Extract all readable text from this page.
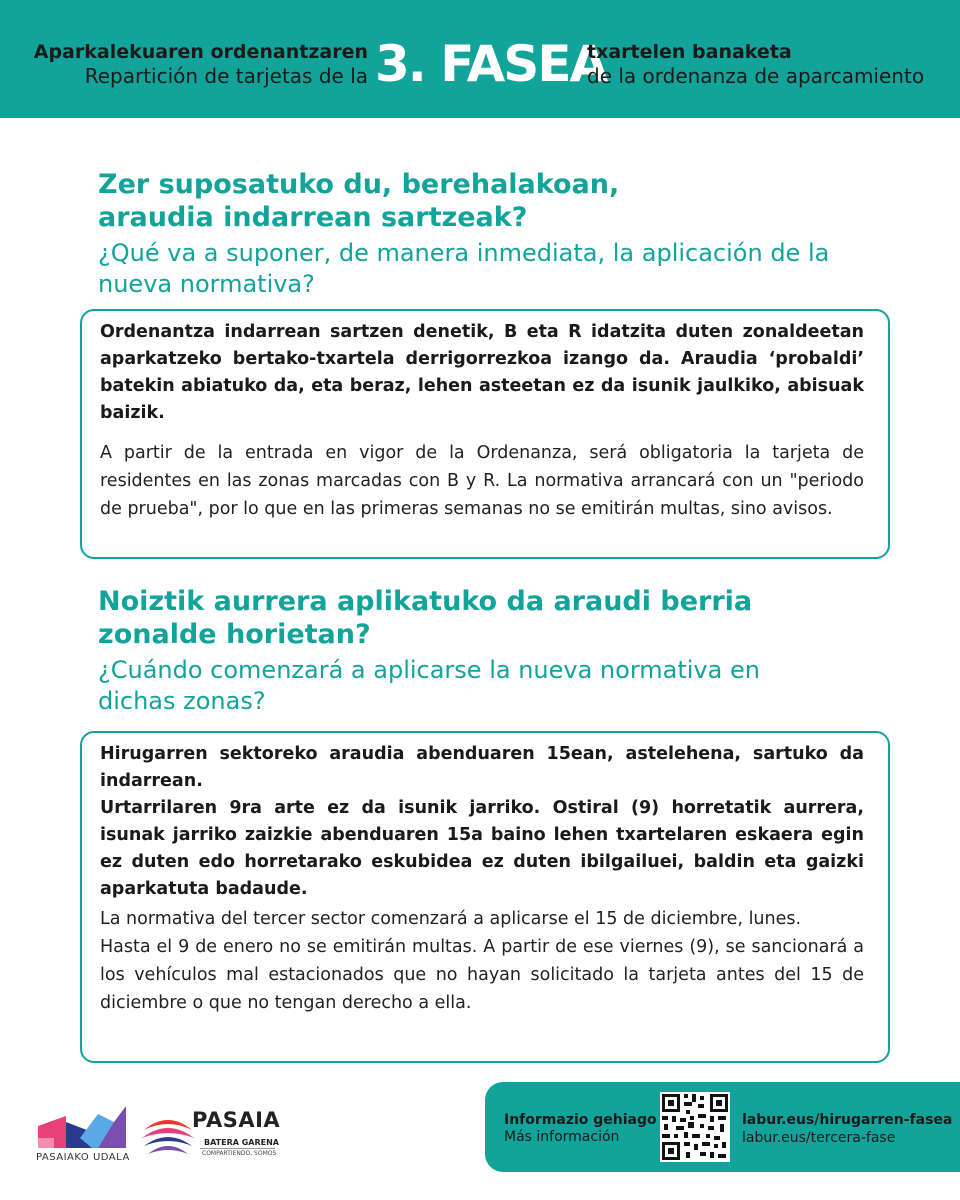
Aparkalekuaren ordenantzaren
Repartición de tarjetas de la 3. FASEA
txartelen banaketa
de la ordenanza de aparcamiento
Zer suposatuko du, berehalakoan,
araudia indarrean sartzeak?
¿Qué va a suponer, de manera inmediata, la aplicación de la nueva normativa?

Ordenantza indarrean sartzen denetik, B eta R idatzita duten zonaldeetan aparkatzeko bertako-txartela derrigorrezkoa izango da. Araudia ‘probaldi’ batekin abiatuko da, eta beraz, lehen asteetan ez da isunik jaulkiko, abisuak baizik.

A partir de la entrada en vigor de la Ordenanza, será obligatoria la tarjeta de residentes en las zonas marcadas con B y R. La normativa arrancará con un "periodo de prueba", por lo que en las primeras semanas no se emitirán multas, sino avisos.

Noiztik aurrera aplikatuko da araudi berria
zonalde horietan?
¿Cuándo comenzará a aplicarse la nueva normativa en dichas zonas?

Hirugarren sektoreko araudia abenduaren 15ean, astelehena, sartuko da indarrean.

Urtarrilaren 9ra arte ez da isunik jarriko. Ostiral (9) horretatik aurrera, isunak jarriko zaizkie abenduaren 15a baino lehen txartelaren eskaera egin ez duten edo horretarako eskubidea ez duten ibilgailuei, baldin eta gaizki aparkatuta badaude.

La normativa del tercer sector comenzará a aplicarse el 15 de diciembre, lunes.

Hasta el 9 de enero no se emitirán multas. A partir de ese viernes (9), se sancionará a los vehículos mal estacionados que no hayan solicitado la tarjeta antes del 15 de diciembre o que no tengan derecho a ella.

PASAIAKO UDALA
PASAIA
BATERA GARENA
COMPARTIENDO, SOMOS
Informazio gehiago
Más información
labur.eus/hirugarren-fasea
labur.eus/tercera-fase
